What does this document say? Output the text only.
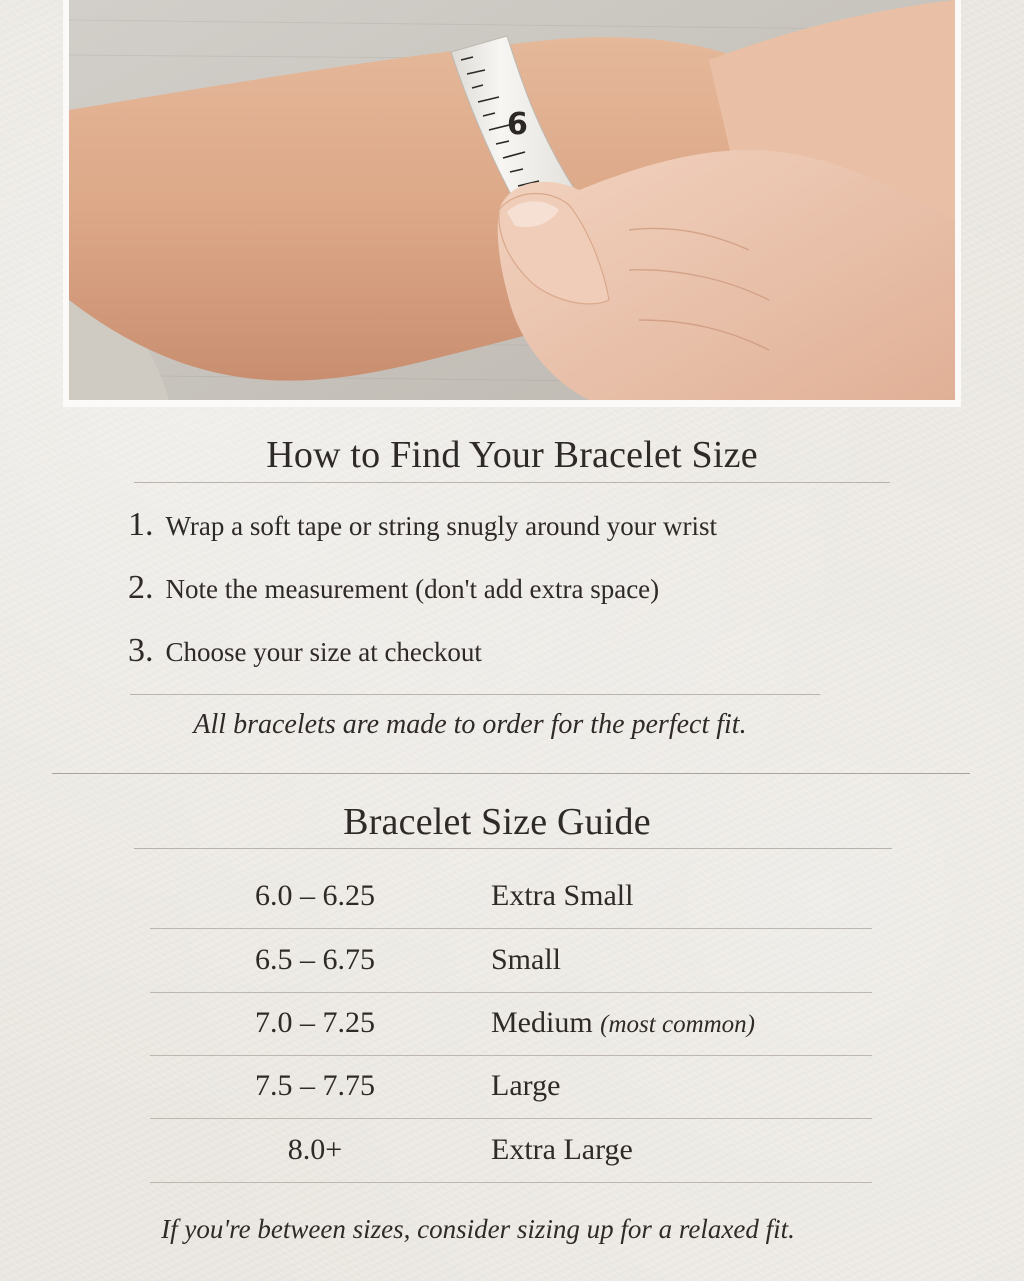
6
How to Find Your Bracelet Size
1. Wrap a soft tape or string snugly around your wrist
2. Note the measurement (don't add extra space)
3. Choose your size at checkout
All bracelets are made to order for the perfect fit.
Bracelet Size Guide
6.0 – 6.25	Extra Small
6.5 – 6.75	Small
7.0 – 7.25	Medium (most common)
7.5 – 7.75	Large
8.0+	Extra Large
If you're between sizes, consider sizing up for a relaxed fit.
